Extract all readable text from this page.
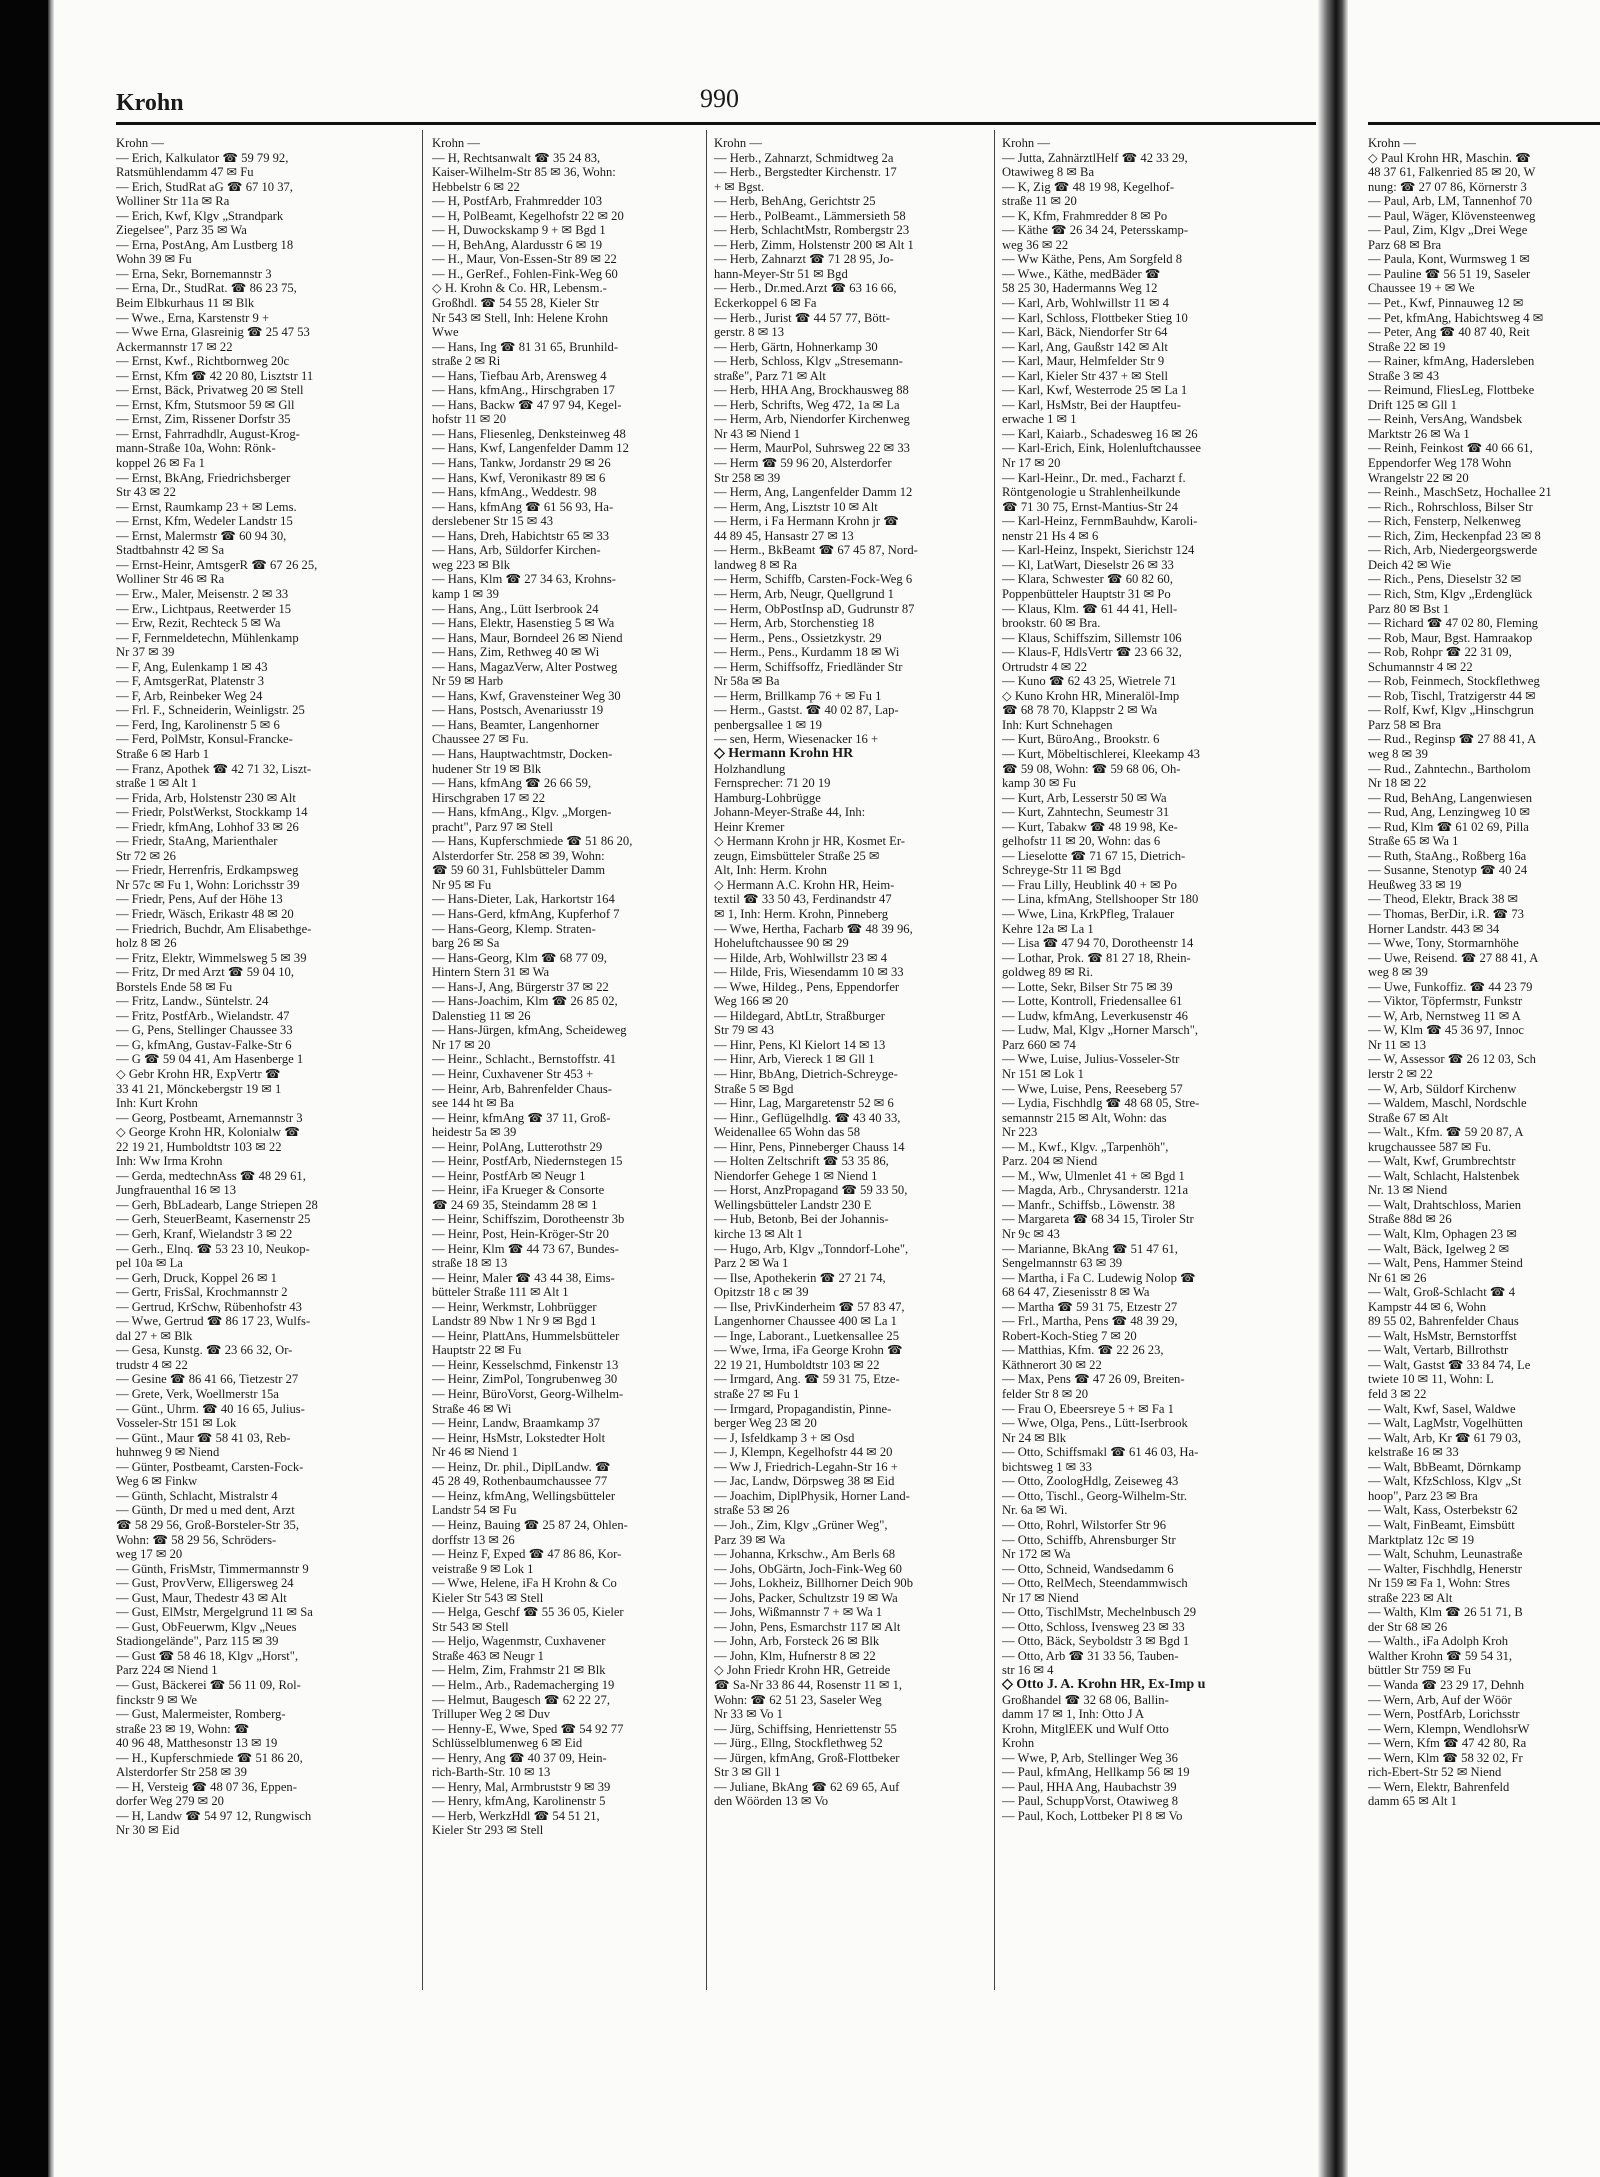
Krohn	990

Krohn —

— Erich, Kalkulator ☎ 59 79 92,

Ratsmühlendamm 47 ✉ Fu

— Erich, StudRat aG ☎ 67 10 37,

Wolliner Str 11a ✉ Ra

— Erich, Kwf, Klgv „Strandpark

Ziegelsee", Parz 35 ✉ Wa

— Erna, PostAng, Am Lustberg 18

Wohn 39 ✉ Fu

— Erna, Sekr, Bornemannstr 3

— Erna, Dr., StudRat. ☎ 86 23 75,

Beim Elbkurhaus 11 ✉ Blk

— Wwe., Erna, Karstenstr 9 +

— Wwe Erna, Glasreinig ☎ 25 47 53

Ackermannstr 17 ✉ 22

— Ernst, Kwf., Richtbornweg 20c

— Ernst, Kfm ☎ 42 20 80, Lisztstr 11

— Ernst, Bäck, Privatweg 20 ✉ Stell

— Ernst, Kfm, Stutsmoor 59 ✉ Gll

— Ernst, Zim, Rissener Dorfstr 35

— Ernst, Fahrradhdlr, August-Krog-

mann-Straße 10a, Wohn: Rönk-

koppel 26 ✉ Fa 1

— Ernst, BkAng, Friedrichsberger

Str 43 ✉ 22

— Ernst, Raumkamp 23 + ✉ Lems.

— Ernst, Kfm, Wedeler Landstr 15

— Ernst, Malermstr ☎ 60 94 30,

Stadtbahnstr 42 ✉ Sa

— Ernst-Heinr, AmtsgerR ☎ 67 26 25,

Wolliner Str 46 ✉ Ra

— Erw., Maler, Meisenstr. 2 ✉ 33

— Erw., Lichtpaus, Reetwerder 15

— Erw, Rezit, Rechteck 5 ✉ Wa

— F, Fernmeldetechn, Mühlenkamp

Nr 37 ✉ 39

— F, Ang, Eulenkamp 1 ✉ 43

— F, AmtsgerRat, Platenstr 3

— F, Arb, Reinbeker Weg 24

— Frl. F., Schneiderin, Weinligstr. 25

— Ferd, Ing, Karolinenstr 5 ✉ 6

— Ferd, PolMstr, Konsul-Francke-

Straße 6 ✉ Harb 1

— Franz, Apothek ☎ 42 71 32, Liszt-

straße 1 ✉ Alt 1

— Frida, Arb, Holstenstr 230 ✉ Alt

— Friedr, PolstWerkst, Stockkamp 14

— Friedr, kfmAng, Lohhof 33 ✉ 26

— Friedr, StaAng, Marienthaler

Str 72 ✉ 26

— Friedr, Herrenfris, Erdkampsweg

Nr 57c ✉ Fu 1, Wohn: Lorichsstr 39

— Friedr, Pens, Auf der Höhe 13

— Friedr, Wäsch, Erikastr 48 ✉ 20

— Friedrich, Buchdr, Am Elisabethge-

holz 8 ✉ 26

— Fritz, Elektr, Wimmelsweg 5 ✉ 39

— Fritz, Dr med Arzt ☎ 59 04 10,

Borstels Ende 58 ✉ Fu

— Fritz, Landw., Süntelstr. 24

— Fritz, PostfArb., Wielandstr. 47

— G, Pens, Stellinger Chaussee 33

— G, kfmAng, Gustav-Falke-Str 6

— G ☎ 59 04 41, Am Hasenberge 1

◇ Gebr Krohn HR, ExpVertr ☎

33 41 21, Mönckebergstr 19 ✉ 1

Inh: Kurt Krohn

— Georg, Postbeamt, Arnemannstr 3

◇ George Krohn HR, Kolonialw ☎

22 19 21, Humboldtstr 103 ✉ 22

Inh: Ww Irma Krohn

— Gerda, medtechnAss ☎ 48 29 61,

Jungfrauenthal 16 ✉ 13

— Gerh, BbLadearb, Lange Striepen 28

— Gerh, SteuerBeamt, Kasernenstr 25

— Gerh, Kranf, Wielandstr 3 ✉ 22

— Gerh., Elnq. ☎ 53 23 10, Neukop-

pel 10a ✉ La

— Gerh, Druck, Koppel 26 ✉ 1

— Gertr, FrisSal, Krochmannstr 2

— Gertrud, KrSchw, Rübenhofstr 43

— Wwe, Gertrud ☎ 86 17 23, Wulfs-

dal 27 + ✉ Blk

— Gesa, Kunstg. ☎ 23 66 32, Or-

trudstr 4 ✉ 22

— Gesine ☎ 86 41 66, Tietzestr 27

— Grete, Verk, Woellmerstr 15a

— Günt., Uhrm. ☎ 40 16 65, Julius-

Vosseler-Str 151 ✉ Lok

— Günt., Maur ☎ 58 41 03, Reb-

huhnweg 9 ✉ Niend

— Günter, Postbeamt, Carsten-Fock-

Weg 6 ✉ Finkw

— Günth, Schlacht, Mistralstr 4

— Günth, Dr med u med dent, Arzt

☎ 58 29 56, Groß-Borsteler-Str 35,

Wohn: ☎ 58 29 56, Schröders-

weg 17 ✉ 20

— Günth, FrisMstr, Timmermannstr 9

— Gust, ProvVerw, Elligersweg 24

— Gust, Maur, Thedestr 43 ✉ Alt

— Gust, ElMstr, Mergelgrund 11 ✉ Sa

— Gust, ObFeuerwm, Klgv „Neues

Stadiongelände", Parz 115 ✉ 39

— Gust ☎ 58 46 18, Klgv „Horst",

Parz 224 ✉ Niend 1

— Gust, Bäckerei ☎ 56 11 09, Rol-

finckstr 9 ✉ We

— Gust, Malermeister, Romberg-

straße 23 ✉ 19, Wohn: ☎

40 96 48, Matthesonstr 13 ✉ 19

— H., Kupferschmiede ☎ 51 86 20,

Alsterdorfer Str 258 ✉ 39

— H, Versteig ☎ 48 07 36, Eppen-

dorfer Weg 279 ✉ 20

— H, Landw ☎ 54 97 12, Rungwisch

Nr 30 ✉ Eid

Krohn —

— H, Rechtsanwalt ☎ 35 24 83,

Kaiser-Wilhelm-Str 85 ✉ 36, Wohn:

Hebbelstr 6 ✉ 22

— H, PostfArb, Frahmredder 103

— H, PolBeamt, Kegelhofstr 22 ✉ 20

— H, Duwockskamp 9 + ✉ Bgd 1

— H, BehAng, Alardusstr 6 ✉ 19

— H., Maur, Von-Essen-Str 89 ✉ 22

— H., GerRef., Fohlen-Fink-Weg 60

◇ H. Krohn & Co. HR, Lebensm.-

Großhdl. ☎ 54 55 28, Kieler Str

Nr 543 ✉ Stell, Inh: Helene Krohn

Wwe

— Hans, Ing ☎ 81 31 65, Brunhild-

straße 2 ✉ Ri

— Hans, Tiefbau Arb, Arensweg 4

— Hans, kfmAng., Hirschgraben 17

— Hans, Backw ☎ 47 97 94, Kegel-

hofstr 11 ✉ 20

— Hans, Fliesenleg, Denksteinweg 48

— Hans, Kwf, Langenfelder Damm 12

— Hans, Tankw, Jordanstr 29 ✉ 26

— Hans, Kwf, Veronikastr 89 ✉ 6

— Hans, kfmAng., Weddestr. 98

— Hans, kfmAng ☎ 61 56 93, Ha-

derslebener Str 15 ✉ 43

— Hans, Dreh, Habichtstr 65 ✉ 33

— Hans, Arb, Süldorfer Kirchen-

weg 223 ✉ Blk

— Hans, Klm ☎ 27 34 63, Krohns-

kamp 1 ✉ 39

— Hans, Ang., Lütt Iserbrook 24

— Hans, Elektr, Hasenstieg 5 ✉ Wa

— Hans, Maur, Borndeel 26 ✉ Niend

— Hans, Zim, Rethweg 40 ✉ Wi

— Hans, MagazVerw, Alter Postweg

Nr 59 ✉ Harb

— Hans, Kwf, Gravensteiner Weg 30

— Hans, Postsch, Avenariusstr 19

— Hans, Beamter, Langenhorner

Chaussee 27 ✉ Fu.

— Hans, Hauptwachtmstr, Docken-

hudener Str 19 ✉ Blk

— Hans, kfmAng ☎ 26 66 59,

Hirschgraben 17 ✉ 22

— Hans, kfmAng., Klgv. „Morgen-

pracht", Parz 97 ✉ Stell

— Hans, Kupferschmiede ☎ 51 86 20,

Alsterdorfer Str. 258 ✉ 39, Wohn:

☎ 59 60 31, Fuhlsbütteler Damm

Nr 95 ✉ Fu

— Hans-Dieter, Lak, Harkortstr 164

— Hans-Gerd, kfmAng, Kupferhof 7

— Hans-Georg, Klemp. Straten-

barg 26 ✉ Sa

— Hans-Georg, Klm ☎ 68 77 09,

Hintern Stern 31 ✉ Wa

— Hans-J, Ang, Bürgerstr 37 ✉ 22

— Hans-Joachim, Klm ☎ 26 85 02,

Dalenstieg 11 ✉ 26

— Hans-Jürgen, kfmAng, Scheideweg

Nr 17 ✉ 20

— Heinr., Schlacht., Bernstoffstr. 41

— Heinr, Cuxhavener Str 453 +

— Heinr, Arb, Bahrenfelder Chaus-

see 144 ht ✉ Ba

— Heinr, kfmAng ☎ 37 11, Groß-

heidestr 5a ✉ 39

— Heinr, PolAng, Lutterothstr 29

— Heinr, PostfArb, Niedernstegen 15

— Heinr, PostfArb ✉ Neugr 1

— Heinr, iFa Krueger & Consorte

☎ 24 69 35, Steindamm 28 ✉ 1

— Heinr, Schiffszim, Dorotheenstr 3b

— Heinr, Post, Hein-Kröger-Str 20

— Heinr, Klm ☎ 44 73 67, Bundes-

straße 18 ✉ 13

— Heinr, Maler ☎ 43 44 38, Eims-

bütteler Straße 111 ✉ Alt 1

— Heinr, Werkmstr, Lohbrügger

Landstr 89 Nbw 1 Nr 9 ✉ Bgd 1

— Heinr, PlattAns, Hummelsbütteler

Hauptstr 22 ✉ Fu

— Heinr, Kesselschmd, Finkenstr 13

— Heinr, ZimPol, Tongrubenweg 30

— Heinr, BüroVorst, Georg-Wilhelm-

Straße 46 ✉ Wi

— Heinr, Landw, Braamkamp 37

— Heinr, HsMstr, Lokstedter Holt

Nr 46 ✉ Niend 1

— Heinz, Dr. phil., DiplLandw. ☎

45 28 49, Rothenbaumchaussee 77

— Heinz, kfmAng, Wellingsbütteler

Landstr 54 ✉ Fu

— Heinz, Bauing ☎ 25 87 24, Ohlen-

dorffstr 13 ✉ 26

— Heinz F, Exped ☎ 47 86 86, Kor-

veistraße 9 ✉ Lok 1

— Wwe, Helene, iFa H Krohn & Co

Kieler Str 543 ✉ Stell

— Helga, Geschf ☎ 55 36 05, Kieler

Str 543 ✉ Stell

— Heljo, Wagenmstr, Cuxhavener

Straße 463 ✉ Neugr 1

— Helm, Zim, Frahmstr 21 ✉ Blk

— Helm., Arb., Rademacherging 19

— Helmut, Baugesch ☎ 62 22 27,

Trilluper Weg 2 ✉ Duv

— Henny-E, Wwe, Sped ☎ 54 92 77

Schlüsselblumenweg 6 ✉ Eid

— Henry, Ang ☎ 40 37 09, Hein-

rich-Barth-Str. 10 ✉ 13

— Henry, Mal, Armbruststr 9 ✉ 39

— Henry, kfmAng, Karolinenstr 5

— Herb, WerkzHdl ☎ 54 51 21,

Kieler Str 293 ✉ Stell

Krohn —

— Herb., Zahnarzt, Schmidtweg 2a

— Herb., Bergstedter Kirchenstr. 17

+ ✉ Bgst.

— Herb, BehAng, Gerichtstr 25

— Herb., PolBeamt., Lämmersieth 58

— Herb, SchlachtMstr, Rombergstr 23

— Herb, Zimm, Holstenstr 200 ✉ Alt 1

— Herb, Zahnarzt ☎ 71 28 95, Jo-

hann-Meyer-Str 51 ✉ Bgd

— Herb., Dr.med.Arzt ☎ 63 16 66,

Eckerkoppel 6 ✉ Fa

— Herb., Jurist ☎ 44 57 77, Bött-

gerstr. 8 ✉ 13

— Herb, Gärtn, Hohnerkamp 30

— Herb, Schloss, Klgv „Stresemann-

straße", Parz 71 ✉ Alt

— Herb, HHA Ang, Brockhausweg 88

— Herb, Schrifts, Weg 472, 1a ✉ La

— Herm, Arb, Niendorfer Kirchenweg

Nr 43 ✉ Niend 1

— Herm, MaurPol, Suhrsweg 22 ✉ 33

— Herm ☎ 59 96 20, Alsterdorfer

Str 258 ✉ 39

— Herm, Ang, Langenfelder Damm 12

— Herm, Ang, Lisztstr 10 ✉ Alt

— Herm, i Fa Hermann Krohn jr ☎

44 89 45, Hansastr 27 ✉ 13

— Herm., BkBeamt ☎ 67 45 87, Nord-

landweg 8 ✉ Ra

— Herm, Schiffb, Carsten-Fock-Weg 6

— Herm, Arb, Neugr, Quellgrund 1

— Herm, ObPostInsp aD, Gudrunstr 87

— Herm, Arb, Storchenstieg 18

— Herm., Pens., Ossietzkystr. 29

— Herm., Pens., Kurdamm 18 ✉ Wi

— Herm, Schiffsoffz, Friedländer Str

Nr 58a ✉ Ba

— Herm, Brillkamp 76 + ✉ Fu 1

— Herm., Gastst. ☎ 40 02 87, Lap-

penbergsallee 1 ✉ 19

— sen, Herm, Wiesenacker 16 +

◇ Hermann Krohn HR

Holzhandlung

Fernsprecher: 71 20 19

Hamburg-Lohbrügge

Johann-Meyer-Straße 44, Inh:

Heinr Kremer

◇ Hermann Krohn jr HR, Kosmet Er-

zeugn, Eimsbütteler Straße 25 ✉

Alt, Inh: Herm. Krohn

◇ Hermann A.C. Krohn HR, Heim-

textil ☎ 33 50 43, Ferdinandstr 47

✉ 1, Inh: Herm. Krohn, Pinneberg

— Wwe, Hertha, Facharb ☎ 48 39 96,

Hoheluftchaussee 90 ✉ 29

— Hilde, Arb, Wohlwillstr 23 ✉ 4

— Hilde, Fris, Wiesendamm 10 ✉ 33

— Wwe, Hildeg., Pens, Eppendorfer

Weg 166 ✉ 20

— Hildegard, AbtLtr, Straßburger

Str 79 ✉ 43

— Hinr, Pens, Kl Kielort 14 ✉ 13

— Hinr, Arb, Viereck 1 ✉ Gll 1

— Hinr, BbAng, Dietrich-Schreyge-

Straße 5 ✉ Bgd

— Hinr, Lag, Margaretenstr 52 ✉ 6

— Hinr., Geflügelhdlg. ☎ 43 40 33,

Weidenallee 65 Wohn das 58

— Hinr, Pens, Pinneberger Chauss 14

— Holten Zeltschrift ☎ 53 35 86,

Niendorfer Gehege 1 ✉ Niend 1

— Horst, AnzPropagand ☎ 59 33 50,

Wellingsbütteler Landstr 230 E

— Hub, Betonb, Bei der Johannis-

kirche 13 ✉ Alt 1

— Hugo, Arb, Klgv „Tonndorf-Lohe",

Parz 2 ✉ Wa 1

— Ilse, Apothekerin ☎ 27 21 74,

Opitzstr 18 c ✉ 39

— Ilse, PrivKinderheim ☎ 57 83 47,

Langenhorner Chaussee 400 ✉ La 1

— Inge, Laborant., Luetkensallee 25

— Wwe, Irma, iFa George Krohn ☎

22 19 21, Humboldtstr 103 ✉ 22

— Irmgard, Ang. ☎ 59 31 75, Etze-

straße 27 ✉ Fu 1

— Irmgard, Propagandistin, Pinne-

berger Weg 23 ✉ 20

— J, Isfeldkamp 3 + ✉ Osd

— J, Klempn, Kegelhofstr 44 ✉ 20

— Ww J, Friedrich-Legahn-Str 16 +

— Jac, Landw, Dörpsweg 38 ✉ Eid

— Joachim, DiplPhysik, Horner Land-

straße 53 ✉ 26

— Joh., Zim, Klgv „Grüner Weg",

Parz 39 ✉ Wa

— Johanna, Krkschw., Am Berls 68

— Johs, ObGärtn, Joch-Fink-Weg 60

— Johs, Lokheiz, Billhorner Deich 90b

— Johs, Packer, Schultzstr 19 ✉ Wa

— Johs, Wißmannstr 7 + ✉ Wa 1

— John, Pens, Esmarchstr 117 ✉ Alt

— John, Arb, Forsteck 26 ✉ Blk

— John, Klm, Hufnerstr 8 ✉ 22

◇ John Friedr Krohn HR, Getreide

☎ Sa-Nr 33 86 44, Rosenstr 11 ✉ 1,

Wohn: ☎ 62 51 23, Saseler Weg

Nr 33 ✉ Vo 1

— Jürg, Schiffsing, Henriettenstr 55

— Jürg., Ellng, Stockflethweg 52

— Jürgen, kfmAng, Groß-Flottbeker

Str 3 ✉ Gll 1

— Juliane, BkAng ☎ 62 69 65, Auf

den Wöörden 13 ✉ Vo

Krohn —

— Jutta, ZahnärztlHelf ☎ 42 33 29,

Otawiweg 8 ✉ Ba

— K, Zig ☎ 48 19 98, Kegelhof-

straße 11 ✉ 20

— K, Kfm, Frahmredder 8 ✉ Po

— Käthe ☎ 26 34 24, Petersskamp-

weg 36 ✉ 22

— Ww Käthe, Pens, Am Sorgfeld 8

— Wwe., Käthe, medBäder ☎

58 25 30, Hadermanns Weg 12

— Karl, Arb, Wohlwillstr 11 ✉ 4

— Karl, Schloss, Flottbeker Stieg 10

— Karl, Bäck, Niendorfer Str 64

— Karl, Ang, Gaußstr 142 ✉ Alt

— Karl, Maur, Helmfelder Str 9

— Karl, Kieler Str 437 + ✉ Stell

— Karl, Kwf, Westerrode 25 ✉ La 1

— Karl, HsMstr, Bei der Hauptfeu-

erwache 1 ✉ 1

— Karl, Kaiarb., Schadesweg 16 ✉ 26

— Karl-Erich, Eink, Holenluftchaussee

Nr 17 ✉ 20

— Karl-Heinr., Dr. med., Facharzt f.

Röntgenologie u Strahlenheilkunde

☎ 71 30 75, Ernst-Mantius-Str 24

— Karl-Heinz, FernmBauhdw, Karoli-

nenstr 21 Hs 4 ✉ 6

— Karl-Heinz, Inspekt, Sierichstr 124

— Kl, LatWart, Dieselstr 26 ✉ 33

— Klara, Schwester ☎ 60 82 60,

Poppenbütteler Hauptstr 31 ✉ Po

— Klaus, Klm. ☎ 61 44 41, Hell-

brookstr. 60 ✉ Bra.

— Klaus, Schiffszim, Sillemstr 106

— Klaus-F, HdlsVertr ☎ 23 66 32,

Ortrudstr 4 ✉ 22

— Kuno ☎ 62 43 25, Wietrele 71

◇ Kuno Krohn HR, Mineralöl-Imp

☎ 68 78 70, Klappstr 2 ✉ Wa

Inh: Kurt Schnehagen

— Kurt, BüroAng., Brookstr. 6

— Kurt, Möbeltischlerei, Kleekamp 43

☎ 59 08, Wohn: ☎ 59 68 06, Oh-

kamp 30 ✉ Fu

— Kurt, Arb, Lesserstr 50 ✉ Wa

— Kurt, Zahntechn, Seumestr 31

— Kurt, Tabakw ☎ 48 19 98, Ke-

gelhofstr 11 ✉ 20, Wohn: das 6

— Lieselotte ☎ 71 67 15, Dietrich-

Schreyge-Str 11 ✉ Bgd

— Frau Lilly, Heublink 40 + ✉ Po

— Lina, kfmAng, Stellshooper Str 180

— Wwe, Lina, KrkPfleg, Tralauer

Kehre 12a ✉ La 1

— Lisa ☎ 47 94 70, Dorotheenstr 14

— Lothar, Prok. ☎ 81 27 18, Rhein-

goldweg 89 ✉ Ri.

— Lotte, Sekr, Bilser Str 75 ✉ 39

— Lotte, Kontroll, Friedensallee 61

— Ludw, kfmAng, Leverkusenstr 46

— Ludw, Mal, Klgv „Horner Marsch",

Parz 660 ✉ 74

— Wwe, Luise, Julius-Vosseler-Str

Nr 151 ✉ Lok 1

— Wwe, Luise, Pens, Reeseberg 57

— Lydia, Fischhdlg ☎ 48 68 05, Stre-

semannstr 215 ✉ Alt, Wohn: das

Nr 223

— M., Kwf., Klgv. „Tarpenhöh",

Parz. 204 ✉ Niend

— M., Ww, Ulmenlet 41 + ✉ Bgd 1

— Magda, Arb., Chrysanderstr. 121a

— Manfr., Schiffsb., Löwenstr. 38

— Margareta ☎ 68 34 15, Tiroler Str

Nr 9c ✉ 43

— Marianne, BkAng ☎ 51 47 61,

Sengelmannstr 63 ✉ 39

— Martha, i Fa C. Ludewig Nolop ☎

68 64 47, Ziesenisstr 8 ✉ Wa

— Martha ☎ 59 31 75, Etzestr 27

— Frl., Martha, Pens ☎ 48 39 29,

Robert-Koch-Stieg 7 ✉ 20

— Matthias, Kfm. ☎ 22 26 23,

Käthnerort 30 ✉ 22

— Max, Pens ☎ 47 26 09, Breiten-

felder Str 8 ✉ 20

— Frau O, Ebeersreye 5 + ✉ Fa 1

— Wwe, Olga, Pens., Lütt-Iserbrook

Nr 24 ✉ Blk

— Otto, Schiffsmakl ☎ 61 46 03, Ha-

bichtsweg 1 ✉ 33

— Otto, ZoologHdlg, Zeiseweg 43

— Otto, Tischl., Georg-Wilhelm-Str.

Nr. 6a ✉ Wi.

— Otto, Rohrl, Wilstorfer Str 96

— Otto, Schiffb, Ahrensburger Str

Nr 172 ✉ Wa

— Otto, Schneid, Wandsedamm 6

— Otto, RelMech, Steendammwisch

Nr 17 ✉ Niend

— Otto, TischlMstr, Mechelnbusch 29

— Otto, Schloss, Ivensweg 23 ✉ 33

— Otto, Bäck, Seyboldstr 3 ✉ Bgd 1

— Otto, Arb ☎ 31 33 56, Tauben-

str 16 ✉ 4

◇ Otto J. A. Krohn HR, Ex-Imp u

Großhandel ☎ 32 68 06, Ballin-

damm 17 ✉ 1, Inh: Otto J A

Krohn, MitglEEK und Wulf Otto

Krohn

— Wwe, P, Arb, Stellinger Weg 36

— Paul, kfmAng, Hellkamp 56 ✉ 19

— Paul, HHA Ang, Haubachstr 39

— Paul, SchuppVorst, Otawiweg 8

— Paul, Koch, Lottbeker Pl 8 ✉ Vo

Krohn —

◇ Paul Krohn HR, Maschin. ☎

48 37 61, Falkenried 85 ✉ 20, W

nung: ☎ 27 07 86, Körnerstr 3

— Paul, Arb, LM, Tannenhof 70

— Paul, Wäger, Klövensteenweg

— Paul, Zim, Klgv „Drei Wege

Parz 68 ✉ Bra

— Paula, Kont, Wurmsweg 1 ✉

— Pauline ☎ 56 51 19, Saseler

Chaussee 19 + ✉ We

— Pet., Kwf, Pinnauweg 12 ✉

— Pet, kfmAng, Habichtsweg 4 ✉

— Peter, Ang ☎ 40 87 40, Reit

Straße 22 ✉ 19

— Rainer, kfmAng, Hadersleben

Straße 3 ✉ 43

— Reimund, FliesLeg, Flottbeke

Drift 125 ✉ Gll 1

— Reinh, VersAng, Wandsbek

Marktstr 26 ✉ Wa 1

— Reinh, Feinkost ☎ 40 66 61,

Eppendorfer Weg 178 Wohn

Wrangelstr 22 ✉ 20

— Reinh., MaschSetz, Hochallee 21

— Rich., Rohrschloss, Bilser Str

— Rich, Fensterp, Nelkenweg

— Rich, Zim, Heckenpfad 23 ✉ 8

— Rich, Arb, Niedergeorgswerde

Deich 42 ✉ Wie

— Rich., Pens, Dieselstr 32 ✉

— Rich, Stm, Klgv „Erdenglück

Parz 80 ✉ Bst 1

— Richard ☎ 47 02 80, Fleming

— Rob, Maur, Bgst. Hamraakop

— Rob, Rohpr ☎ 22 31 09,

Schumannstr 4 ✉ 22

— Rob, Feinmech, Stockflethweg

— Rob, Tischl, Tratzigerstr 44 ✉

— Rolf, Kwf, Klgv „Hinschgrun

Parz 58 ✉ Bra

— Rud., Reginsp ☎ 27 88 41, A

weg 8 ✉ 39

— Rud., Zahntechn., Bartholom

Nr 18 ✉ 22

— Rud, BehAng, Langenwiesen

— Rud, Ang, Lenzingweg 10 ✉

— Rud, Klm ☎ 61 02 69, Pilla

Straße 65 ✉ Wa 1

— Ruth, StaAng., Roßberg 16a

— Susanne, Stenotyp ☎ 40 24

Heußweg 33 ✉ 19

— Theod, Elektr, Brack 38 ✉

— Thomas, BerDir, i.R. ☎ 73

Horner Landstr. 443 ✉ 34

— Wwe, Tony, Stormarnhöhe

— Uwe, Reisend. ☎ 27 88 41, A

weg 8 ✉ 39

— Uwe, Funkoffiz. ☎ 44 23 79

— Viktor, Töpfermstr, Funkstr

— W, Arb, Nernstweg 11 ✉ A

— W, Klm ☎ 45 36 97, Innoc

Nr 11 ✉ 13

— W, Assessor ☎ 26 12 03, Sch

lerstr 2 ✉ 22

— W, Arb, Süldorf Kirchenw

— Waldem, Maschl, Nordschle

Straße 67 ✉ Alt

— Walt., Kfm. ☎ 59 20 87, A

krugchaussee 587 ✉ Fu.

— Walt, Kwf, Grumbrechtstr

— Walt, Schlacht, Halstenbek

Nr. 13 ✉ Niend

— Walt, Drahtschloss, Marien

Straße 88d ✉ 26

— Walt, Klm, Ophagen 23 ✉

— Walt, Bäck, Igelweg 2 ✉

— Walt, Pens, Hammer Steind

Nr 61 ✉ 26

— Walt, Groß-Schlacht ☎ 4

Kampstr 44 ✉ 6, Wohn

89 55 02, Bahrenfelder Chaus

— Walt, HsMstr, Bernstorffst

— Walt, Vertarb, Billrothstr

— Walt, Gastst ☎ 33 84 74, Le

twiete 10 ✉ 11, Wohn: L

feld 3 ✉ 22

— Walt, Kwf, Sasel, Waldwe

— Walt, LagMstr, Vogelhütten

— Walt, Arb, Kr ☎ 61 79 03,

kelstraße 16 ✉ 33

— Walt, BbBeamt, Dörnkamp

— Walt, KfzSchloss, Klgv „St

hoop", Parz 23 ✉ Bra

— Walt, Kass, Osterbekstr 62

— Walt, FinBeamt, Eimsbütt

Marktplatz 12c ✉ 19

— Walt, Schuhm, Leunastraße

— Walter, Fischhdlg, Henerstr

Nr 159 ✉ Fa 1, Wohn: Stres

straße 223 ✉ Alt

— Walth, Klm ☎ 26 51 71, B

der Str 68 ✉ 26

— Walth., iFa Adolph Kroh

Walther Krohn ☎ 59 54 31,

büttler Str 759 ✉ Fu

— Wanda ☎ 23 29 17, Dehnh

— Wern, Arb, Auf der Wöör

— Wern, PostfArb, Lorichsstr

— Wern, Klempn, WendlohsrW

— Wern, Kfm ☎ 47 42 80, Ra

— Wern, Klm ☎ 58 32 02, Fr

rich-Ebert-Str 52 ✉ Niend

— Wern, Elektr, Bahrenfeld

damm 65 ✉ Alt 1
